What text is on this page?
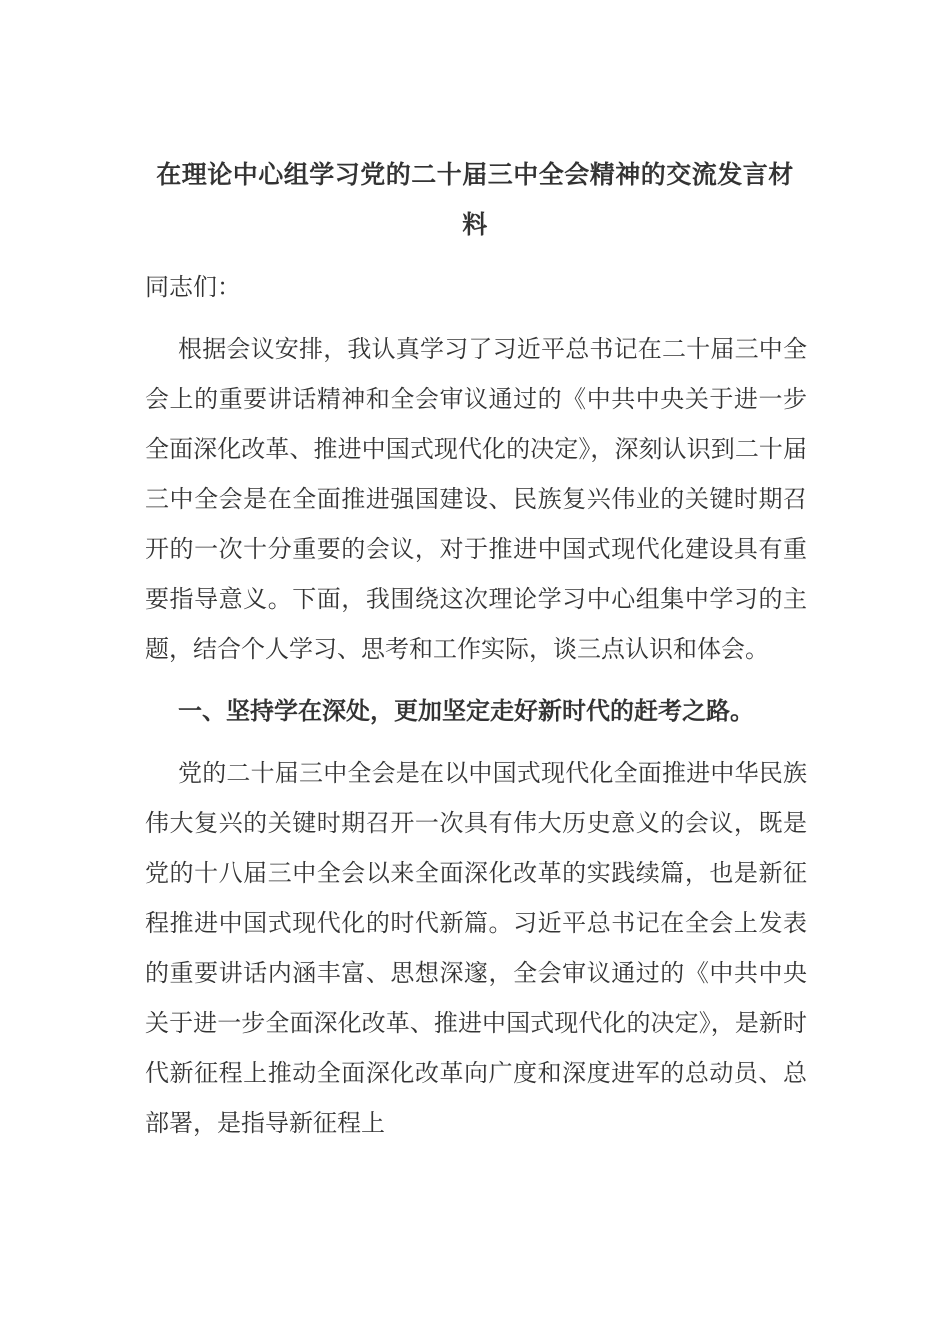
在理论中心组学习党的二十届三中全会精神的交流发言材料

同志们：

根据会议安排，我认真学习了习近平总书记在二十届三中全会上的重要讲话精神和全会审议通过的《中共中央关于进一步全面深化改革、推进中国式现代化的决定》，深刻认识到二十届三中全会是在全面推进强国建设、民族复兴伟业的关键时期召开的一次十分重要的会议，对于推进中国式现代化建设具有重要指导意义。下面，我围绕这次理论学习中心组集中学习的主题，结合个人学习、思考和工作实际，谈三点认识和体会。

一、坚持学在深处，更加坚定走好新时代的赶考之路。

党的二十届三中全会是在以中国式现代化全面推进中华民族伟大复兴的关键时期召开一次具有伟大历史意义的会议，既是党的十八届三中全会以来全面深化改革的实践续篇，也是新征程推进中国式现代化的时代新篇。习近平总书记在全会上发表的重要讲话内涵丰富、思想深邃，全会审议通过的《中共中央关于进一步全面深化改革、推进中国式现代化的决定》，是新时代新征程上推动全面深化改革向广度和深度进军的总动员、总部署，是指导新征程上
